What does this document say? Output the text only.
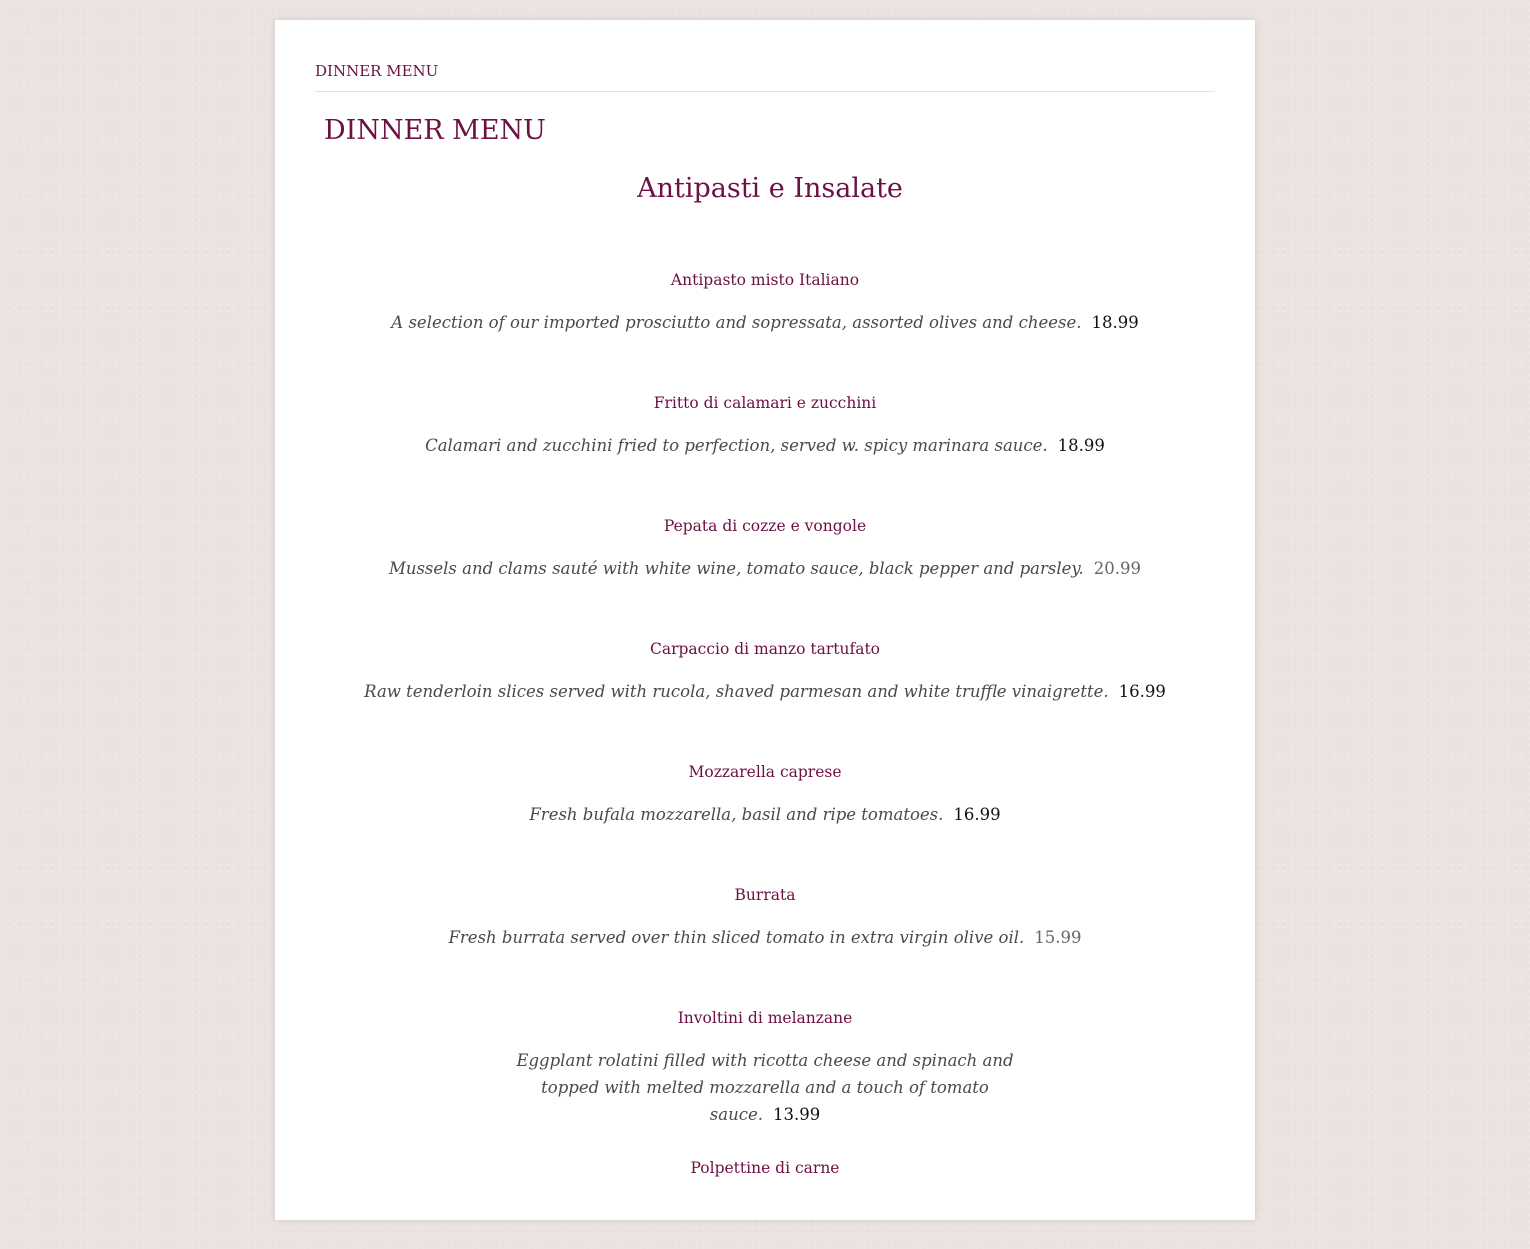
DINNER MENU
DINNER MENU
Antipasti e Insalate
Antipasto misto Italiano
A selection of our imported prosciutto and sopressata, assorted olives and cheese. 18.99
Fritto di calamari e zucchini
Calamari and zucchini fried to perfection, served w. spicy marinara sauce. 18.99
Pepata di cozze e vongole
Mussels and clams sauté with white wine, tomato sauce, black pepper and parsley. 20.99
Carpaccio di manzo tartufato
Raw tenderloin slices served with rucola, shaved parmesan and white truffle vinaigrette. 16.99
Mozzarella caprese
Fresh bufala mozzarella, basil and ripe tomatoes. 16.99
Burrata
Fresh burrata served over thin sliced tomato in extra virgin olive oil. 15.99
Involtini di melanzane
Eggplant rolatini filled with ricotta cheese and spinach and topped with melted mozzarella and a touch of tomato sauce. 13.99
Polpettine di carne
